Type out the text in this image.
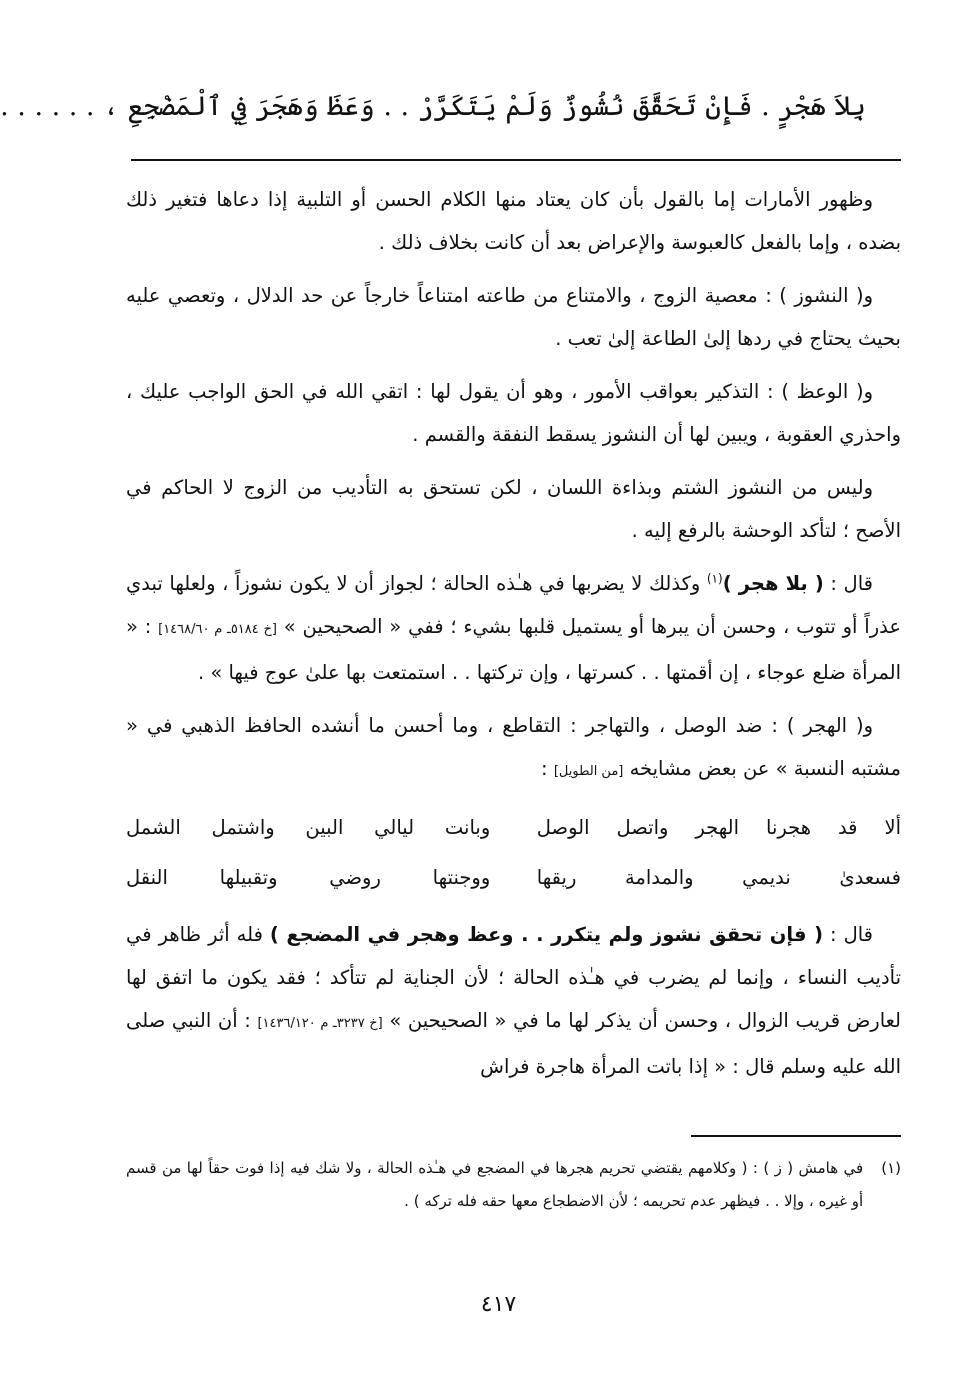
بِلاَ هَجْرٍ . فَإِنْ تَحَقَّقَ نُشُوزٌ وَلَمْ يَتَكَرَّرْ . . وَعَظَ وَهَجَرَ فِي ٱلْمَضْجِعِ ، . . . . . .

وظهور الأمارات إما بالقول بأن كان يعتاد منها الكلام الحسن أو التلبية إذا دعاها فتغير ذلك بضده ، وإما بالفعل كالعبوسة والإعراض بعد أن كانت بخلاف ذلك .

و( النشوز ) : معصية الزوج ، والامتناع من طاعته امتناعاً خارجاً عن حد الدلال ، وتعصي عليه بحيث يحتاج في ردها إلىٰ الطاعة إلىٰ تعب .

و( الوعظ ) : التذكير بعواقب الأمور ، وهو أن يقول لها : اتقي الله في الحق الواجب عليك ، واحذري العقوبة ، ويبين لها أن النشوز يسقط النفقة والقسم .

وليس من النشوز الشتم وبذاءة اللسان ، لكن تستحق به التأديب من الزوج لا الحاكم في الأصح ؛ لتأكد الوحشة بالرفع إليه .

قال : ( بلا هجر )$^{(١)}$ وكذلك لا يضربها في هـٰذه الحالة ؛ لجواز أن لا يكون نشوزاً ، ولعلها تبدي عذراً أو تتوب ، وحسن أن يبرها أو يستميل قلبها بشيء ؛ ففي « الصحيحين » [خ ٥١٨٤ـ م ١٤٦٨/٦٠] : « المرأة ضلع عوجاء ، إن أقمتها . . كسرتها ، وإن تركتها . . استمتعت بها علىٰ عوج فيها » .

و( الهجر ) : ضد الوصل ، والتهاجر : التقاطع ، وما أحسن ما أنشده الحافظ الذهبي في « مشتبه النسبة » عن بعض مشايخه [من الطويل] :

ألا قد هجرنا الهجر واتصل الوصل
وبانت ليالي البين واشتمل الشمل
فسعدىٰ نديمي والمدامة ريقها
ووجنتها روضي وتقبيلها النقل

قال : ( فإن تحقق نشوز ولم يتكرر . . وعظ وهجر في المضجع ) فله أثر ظاهر في تأديب النساء ، وإنما لم يضرب في هـٰذه الحالة ؛ لأن الجناية لم تتأكد ؛ فقد يكون ما اتفق لها لعارض قريب الزوال ، وحسن أن يذكر لها ما في « الصحيحين » [خ ٣٢٣٧ـ م ١٤٣٦/١٢٠] : أن النبي صلى الله عليه وسلم قال : « إذا باتت المرأة هاجرة فراش

(١)
في هامش ( ز ) : ( وكلامهم يقتضي تحريم هجرها في المضجع في هـٰذه الحالة ، ولا شك فيه إذا فوت حقاً لها من قسم أو غيره ، وإلا . . فيظهر عدم تحريمه ؛ لأن الاضطجاع معها حقه فله تركه ) .
٤١٧
